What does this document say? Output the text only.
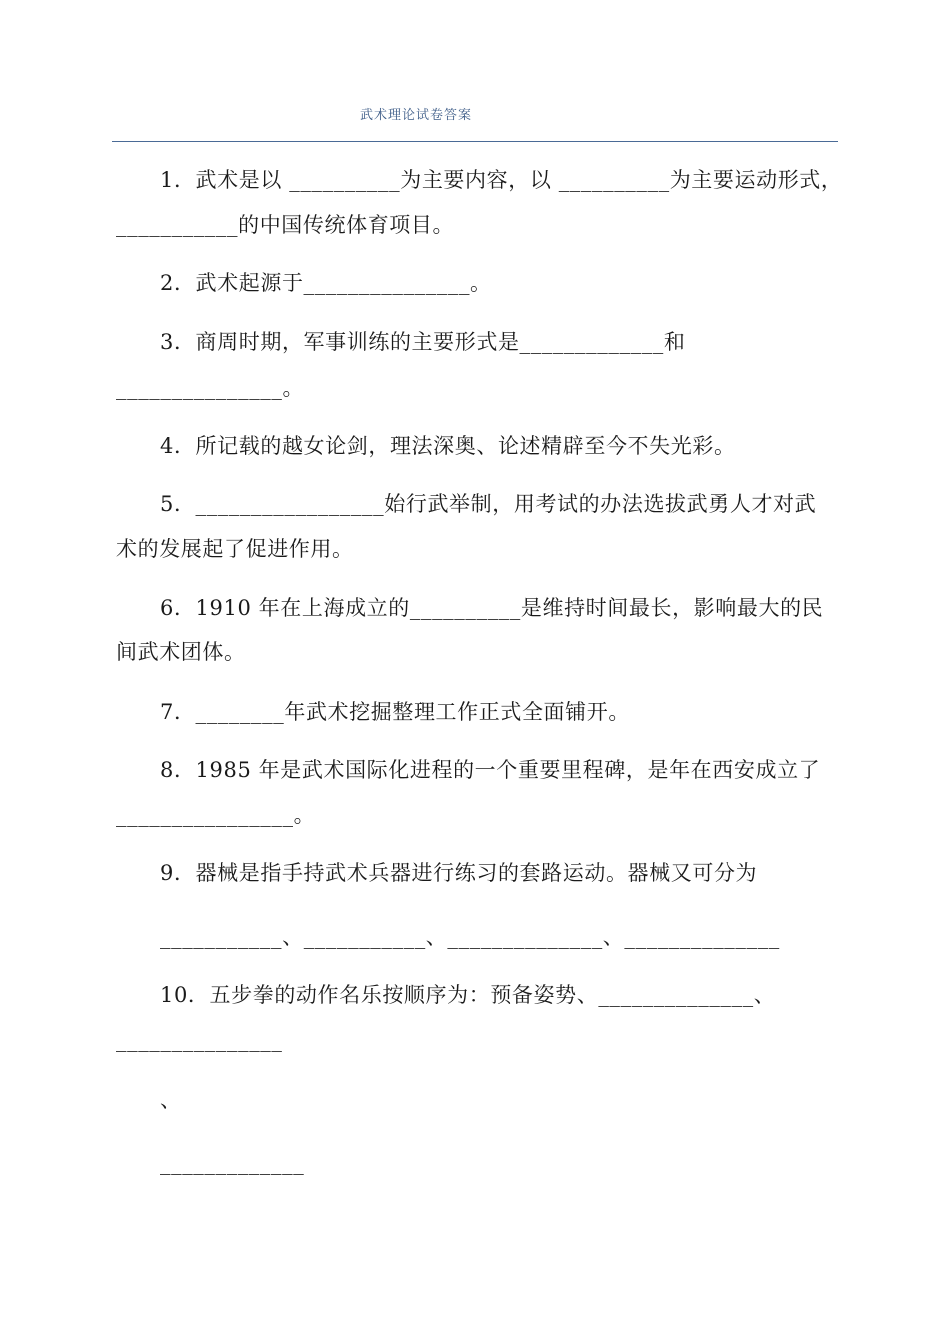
武术理论试卷答案
1．武术是以 __________为主要内容，以 __________为主要运动形式，
___________的中国传统体育项目。
2．武术起源于_______________。
3．商周时期，军事训练的主要形式是_____________和
_______________。
4．所记载的越女论剑，理法深奥、论述精辟至今不失光彩。
5．_________________始行武举制，用考试的办法选拔武勇人才对武
术的发展起了促进作用。
6．1910 年在上海成立的__________是维持时间最长，影响最大的民
间武术团体。
7．________年武术挖掘整理工作正式全面铺开。
8．1985 年是武术国际化进程的一个重要里程碑，是年在西安成立了
________________。
9．器械是指手持武术兵器进行练习的套路运动。器械又可分为
___________、___________、______________、______________
10．五步拳的动作名乐按顺序为：预备姿势、______________、
_______________
、
_____________
